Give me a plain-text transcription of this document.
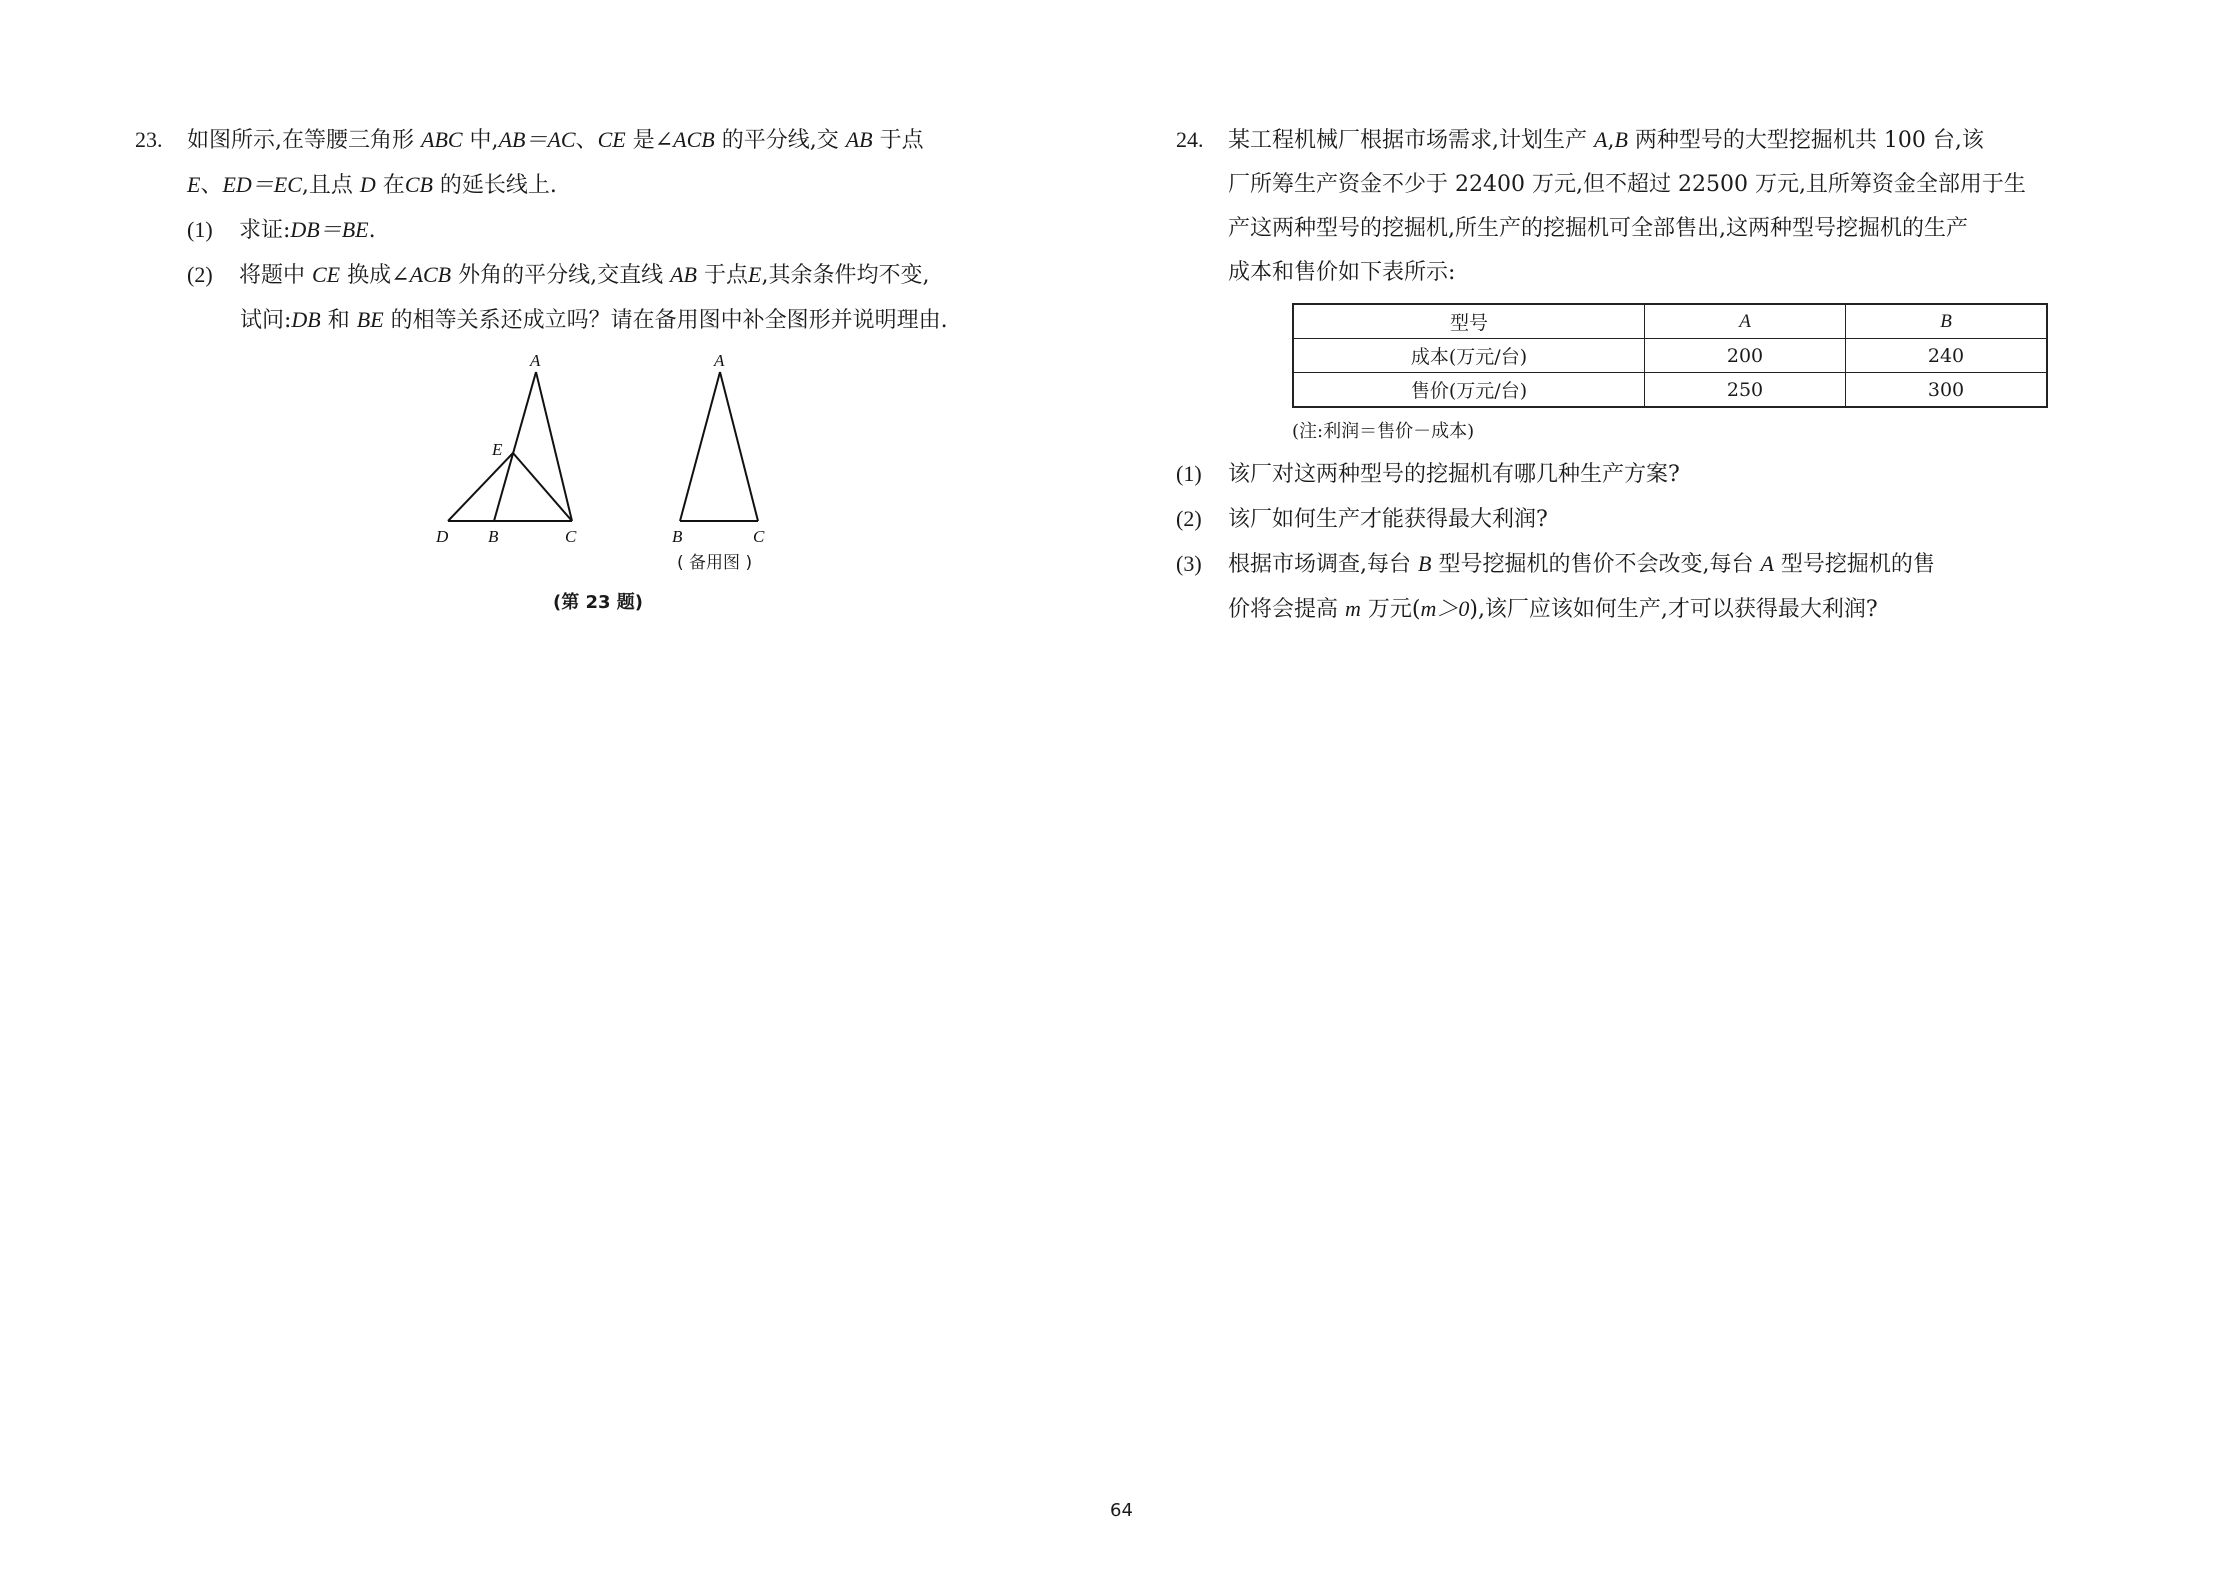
23. 如图所示,在等腰三角形 ABC 中,AB＝AC、CE 是∠ACB 的平分线,交 AB 于点
E、ED＝EC,且点 D 在CB 的延长线上.
(1) 求证:DB＝BE.
(2) 将题中 CE 换成∠ACB 外角的平分线,交直线 AB 于点E,其余条件均不变,
试问:DB 和 BE 的相等关系还成立吗？请在备用图中补全图形并说明理由.
A
E
D B	C
A
B	C
( 备用图 )
(第 23 题)
24. 某工程机械厂根据市场需求,计划生产 A,B 两种型号的大型挖掘机共 100 台,该
厂所筹生产资金不少于 22400 万元,但不超过 22500 万元,且所筹资金全部用于生
产这两种型号的挖掘机,所生产的挖掘机可全部售出,这两种型号挖掘机的生产
成本和售价如下表所示:
型号	A	B
成本(万元/台)	200	240
售价(万元/台)	250	300
(注:利润＝售价－成本)
(1) 该厂对这两种型号的挖掘机有哪几种生产方案?
(2) 该厂如何生产才能获得最大利润?
(3) 根据市场调查,每台 B 型号挖掘机的售价不会改变,每台 A 型号挖掘机的售
价将会提高 m 万元(m＞0),该厂应该如何生产,才可以获得最大利润?
64
